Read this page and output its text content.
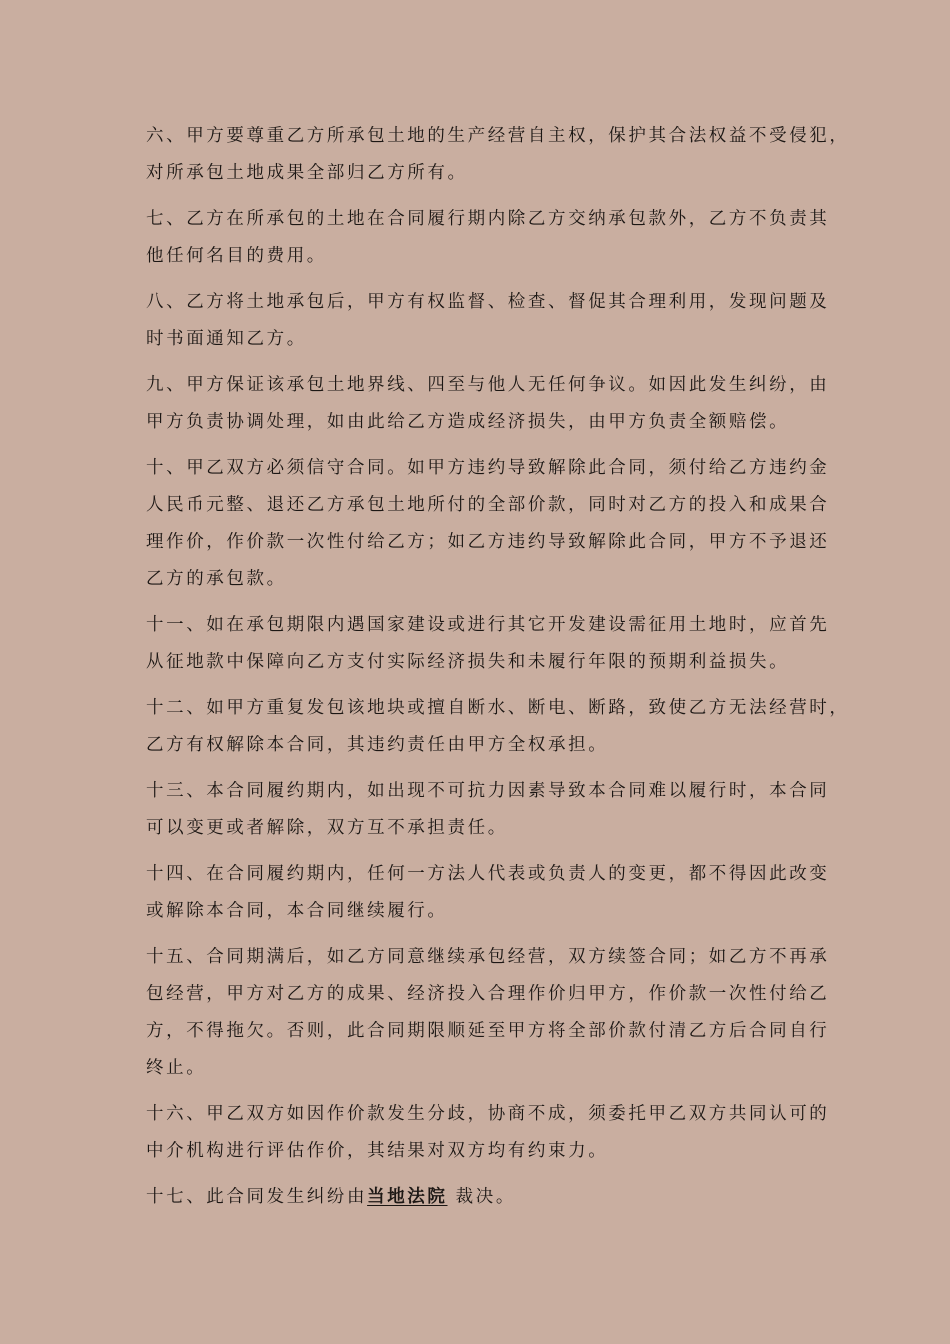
六、甲方要尊重乙方所承包土地的生产经营自主权，保护其合法权益不受侵犯，
对所承包土地成果全部归乙方所有。
七、乙方在所承包的土地在合同履行期内除乙方交纳承包款外，乙方不负责其
他任何名目的费用。
八、乙方将土地承包后，甲方有权监督、检查、督促其合理利用，发现问题及
时书面通知乙方。
九、甲方保证该承包土地界线、四至与他人无任何争议。如因此发生纠纷，由
甲方负责协调处理，如由此给乙方造成经济损失，由甲方负责全额赔偿。
十、甲乙双方必须信守合同。如甲方违约导致解除此合同，须付给乙方违约金
人民币元整、退还乙方承包土地所付的全部价款，同时对乙方的投入和成果合
理作价，作价款一次性付给乙方；如乙方违约导致解除此合同，甲方不予退还
乙方的承包款。
十一、如在承包期限内遇国家建设或进行其它开发建设需征用土地时，应首先
从征地款中保障向乙方支付实际经济损失和未履行年限的预期利益损失。
十二、如甲方重复发包该地块或擅自断水、断电、断路，致使乙方无法经营时，
乙方有权解除本合同，其违约责任由甲方全权承担。
十三、本合同履约期内，如出现不可抗力因素导致本合同难以履行时，本合同
可以变更或者解除，双方互不承担责任。
十四、在合同履约期内，任何一方法人代表或负责人的变更，都不得因此改变
或解除本合同，本合同继续履行。
十五、合同期满后，如乙方同意继续承包经营，双方续签合同；如乙方不再承
包经营，甲方对乙方的成果、经济投入合理作价归甲方，作价款一次性付给乙
方，不得拖欠。否则，此合同期限顺延至甲方将全部价款付清乙方后合同自行
终止。
十六、甲乙双方如因作价款发生分歧，协商不成，须委托甲乙双方共同认可的
中介机构进行评估作价，其结果对双方均有约束力。
十七、此合同发生纠纷由当地法院 裁决。
